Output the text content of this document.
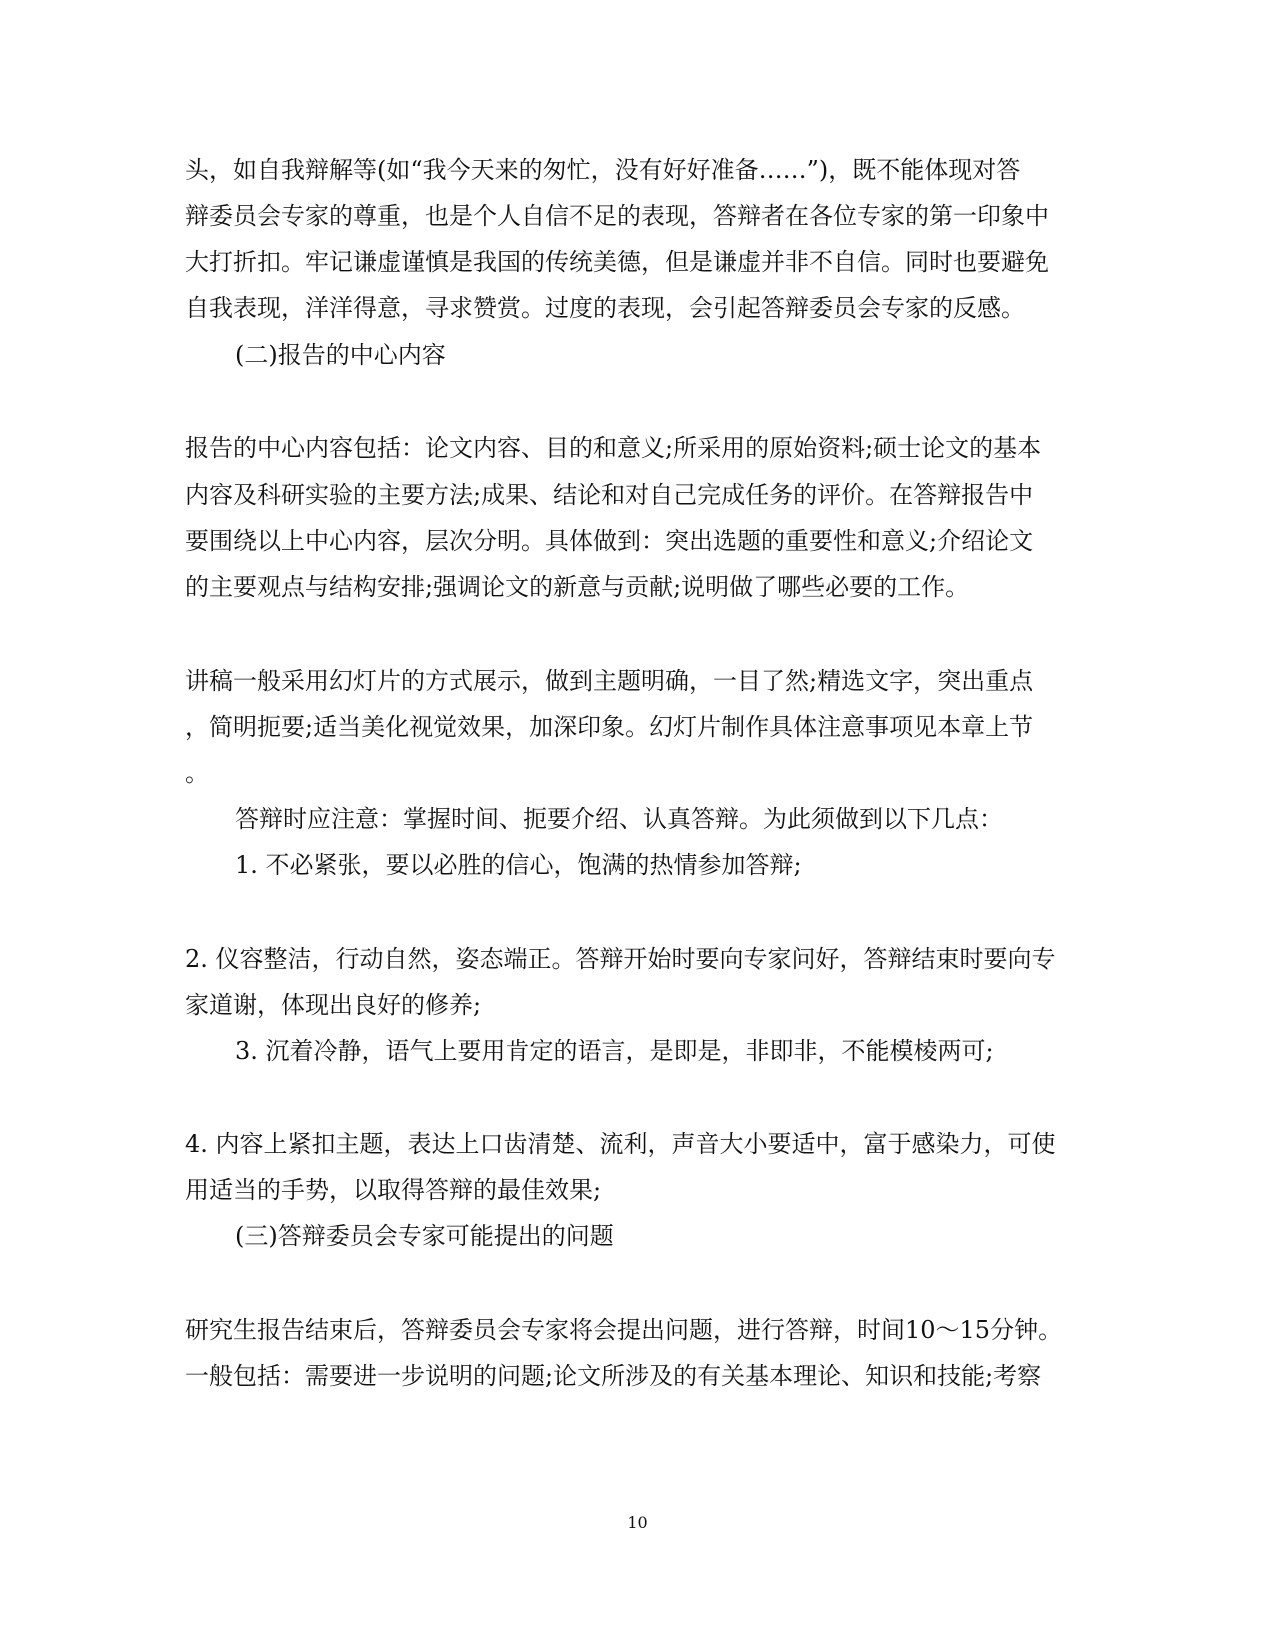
头，如自我辩解等(如“我今天来的匆忙，没有好好准备……”)，既不能体现对答
辩委员会专家的尊重，也是个人自信不足的表现，答辩者在各位专家的第一印象中
大打折扣。牢记谦虚谨慎是我国的传统美德，但是谦虚并非不自信。同时也要避免
自我表现，洋洋得意，寻求赞赏。过度的表现，会引起答辩委员会专家的反感。
(二)报告的中心内容
报告的中心内容包括：论文内容、目的和意义;所采用的原始资料;硕士论文的基本
内容及科研实验的主要方法;成果、结论和对自己完成任务的评价。在答辩报告中
要围绕以上中心内容，层次分明。具体做到：突出选题的重要性和意义;介绍论文
的主要观点与结构安排;强调论文的新意与贡献;说明做了哪些必要的工作。
讲稿一般采用幻灯片的方式展示，做到主题明确，一目了然;精选文字，突出重点
，简明扼要;适当美化视觉效果，加深印象。幻灯片制作具体注意事项见本章上节
。
答辩时应注意：掌握时间、扼要介绍、认真答辩。为此须做到以下几点：
1. 不必紧张，要以必胜的信心，饱满的热情参加答辩;
2. 仪容整洁，行动自然，姿态端正。答辩开始时要向专家问好，答辩结束时要向专
家道谢，体现出良好的修养;
3. 沉着冷静，语气上要用肯定的语言，是即是，非即非，不能模棱两可;
4. 内容上紧扣主题，表达上口齿清楚、流利，声音大小要适中，富于感染力，可使
用适当的手势，以取得答辩的最佳效果;
(三)答辩委员会专家可能提出的问题
研究生报告结束后，答辩委员会专家将会提出问题，进行答辩，时间10～15分钟。
一般包括：需要进一步说明的问题;论文所涉及的有关基本理论、知识和技能;考察
10
